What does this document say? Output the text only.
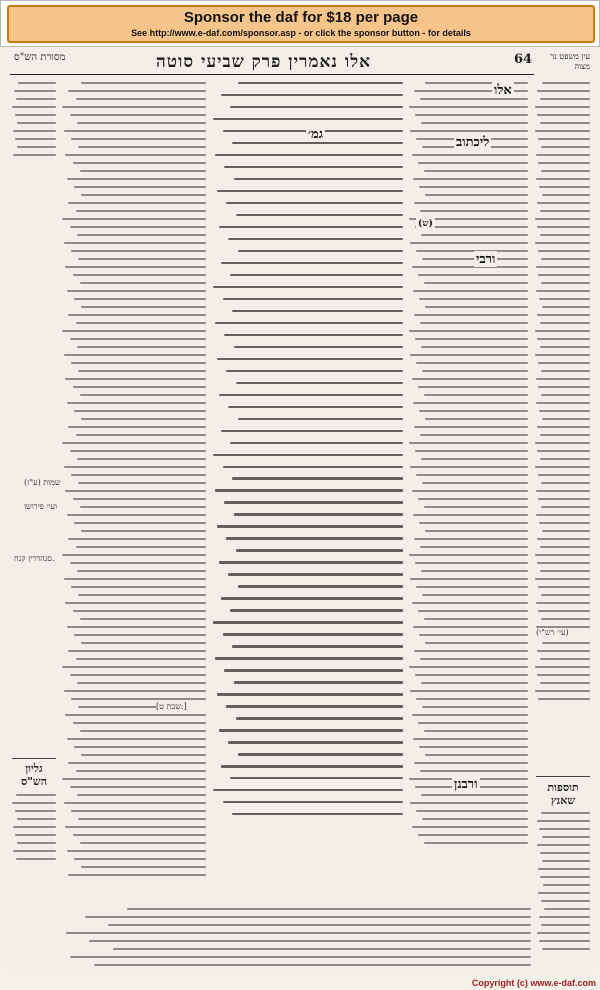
Sponsor the daf for $18 per page
See http://www.e-daf.com/sponsor.asp - or click the sponsor button - for details
64
אלו נאמרין פרק שביעי סוטה
מסורת הש"ס	עין משפט נר מצוה
אלו
ליכתוב
ורבי
גמ׳
ורבנן	תוספות שאנץ
גליון הש"ס
(ש)
(ע"ז) שמות
ועי׳ פירושו
סנהדרין קנח.
[שבת ט:]
(עי׳ רש"י)
Copyright (c) www.e-daf.com
